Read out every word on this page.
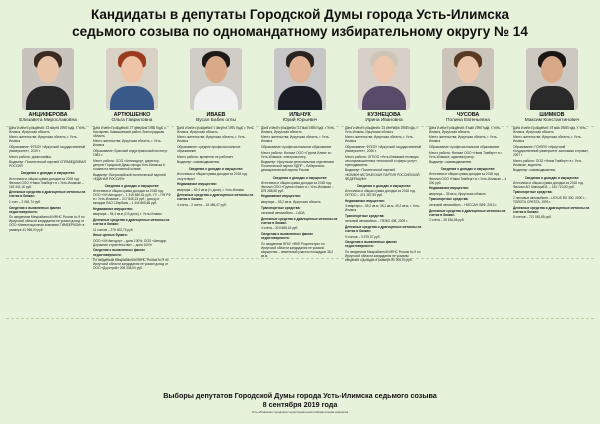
Кандидаты в депутаты Городской Думы города Усть-Илимска
седьмого созыва по одномандатному избирательному округу № 14
АНЦИФЕРОВА
Елизавета Мирославовна
Дата и место рождения: 13 марта 1995 года, г. Усть-Илимск, Иркутская область
Место жительства: Иркутская область, г. Усть-Илимск
Образование: ФГБОУ «Иркутский государственный университет», 2019 г.
Место работы: домохозяйка.
Выдвинут: Политической партией СПРАВЕДЛИВАЯ РОССИЯ
Сведения о доходах и имуществе:
Источники и общая сумма доходов за 2018 год: Филиал ООО «Ниим Тимберг» в г. Усть-Илимске – 163 341,16 руб.
Денежные средства и драгоценные металлы на счетах в банках:
1 счет – 2 081,74 руб.
Сведения о выявленных фактах недостоверности:
По сведениям Межрайонной ИФНС России № 9 по Иркутской области кандидатом не указан доход от ООО «Инвестиционная компания ТИМБЕРКОМ» в размере 41 966,00 руб.
АРТЮШЕНКО
Ольга Гавриловна
Дата и место рождения: 27 февраля 1956 года, с. Костарево, Камышинский район, Волгоградская область
Место жительства: Иркутская область, г. Усть-Илимск
Образование: Братский индустриальный институт, 1983 г.
Место работы: ООО «Антикодор», директор, депутат Городской Думы города Усть-Илимска 6 созыва на непостоянной основе.
Выдвинут: Всероссийской политической партией «ЕДИНАЯ РОССИЯ»
Сведения о доходах и имуществе:
Источники и общая сумма доходов за 2018 год: ООО «УИ Автодор» – 1 319 656,61 руб.; ГУ – ПФ РФ в г. Усть-Илимске – 217 845,23 руб.; доход от вкладов ПАО Сбербанк – 1 444 865,66 руб.
Недвижимое имущество:
квартира – 94,4 кв.м (1/3 доли), г. Усть-Илимск
Денежные средства и драгоценные металлы на счетах в банках:
11 счетов – 279 402,75 руб.
Иные ценные бумаги:
ООО «УИ Автодор» – доля 100%; ООО «Автодор Дорожное строительство» – доля 100%
Сведения о выявленных фактах недостоверности:
По сведениям Межрайонной ИФНС России № 9 по Иркутской области кандидатом не указан доход от ООО «Дорстрой» 208 338,00 руб.
ИВАЕВ
Вусал Бабек оглы
Дата и место рождения: 1 августа 1991 года, г. Усть-Илимск, Иркутская область
Место жительства: Иркутская область, г. Усть-Илимск
Образование: среднее профессиональное образование
Место работы: временно не работает.
Выдвинут: самовыдвижение.
Сведения о доходах и имуществе:
Источники и общая сумма доходов за 2018 год: отсутствуют
Недвижимое имущество:
квартира – 62,4 кв.м (¼ доли), г. Усть-Илимск
Денежные средства и драгоценные металлы на счетах в банках:
4 счета – 2 счета – 18 466,47 руб.
ИЛЬЧУК
Юрий Юрьевич
Дата и место рождения: 23 мая 1985 года, г. Усть-Илимск, Иркутская область
Место жительства: Иркутская область, г. Усть-Илимск
Образование: профессиональное образование
Место работы: Филиал ООО «Группа Илим» в г. Усть-Илимске, электромонтер.
Выдвинут: Иркутским региональным отделением Политической партии ЛДПР – Либерально-демократической партии России
Сведения о доходах и имуществе:
Источники и общая сумма доходов за 2018 год: Филиал ООО «Группа Илим» в г. Усть-Илимске – 875 288,58 руб.
Недвижимое имущество:
квартира – 53,2 кв.м, Иркутская область
Транспортные средства:
легковой автомобиль – LADA
Денежные средства и драгоценные металлы на счетах в банках:
4 счета – 324 688,15 руб.
Сведения о выявленных фактах недостоверности:
По сведениям ФГБУ «ФКП Росреестра» по Иркутской области кандидатом не указано имущество – земельный участок площадью 38,2 кв.м.
КУЗНЕЦОВА
Ирина Ивановна
Дата и место рождения: 13 сентября 1958 года, г. Усть-Илимск, Иркутская область
Место жительства: Иркутская область, г. Усть-Илимск
Образование: ФГБОУ «Иркутский государственный университет», 2006 г.
Место работы: ОГПОО «Усть-Илимский техникум лесопромышленных технологий и сферы услуг», преподаватель.
Выдвинут: Политической партией «КОММУНИСТИЧЕСКАЯ ПАРТИЯ РОССИЙСКОЙ ФЕДЕРАЦИИ»
Сведения о доходах и имуществе:
Источники и общая сумма доходов за 2018 год: ОГПОО – 474 287,55 руб.
Недвижимое имущество:
3 квартиры – 55,2 кв.м, 36,1 кв.м, 49,2 кв.м, г. Усть-Илимск
Транспортные средства:
легковой автомобиль – ПЕЖО 408, 2009 г.
Денежные средства и драгоценные металлы на счетах в банках:
9 счетов – 3 979,07 руб.
Сведения о выявленных фактах недостоверности:
По сведениям Межрайонной ИФНС России № 9 по Иркутской области кандидатом не указаны сведения о доходах в размере 80 008,00 руб.
ЧУСОВА
Полина Евгеньевна
Дата и место рождения: 5 мая 1996 года, г. Усть-Илимск, Иркутская область
Место жительства: Иркутская область, г. Усть-Илимск
Образование: профессиональное образование
Место работы: Филиал ООО «Ниим Тимберг» в г. Усть-Илимске, администратор.
Выдвинут: самовыдвижение.
Сведения о доходах и имуществе:
Источники и общая сумма доходов за 2018 год: Филиал ООО «Ниим Тимберг» в г. Усть-Илимске – 4 000 руб.
Недвижимое имущество:
квартира – 35 кв.м, Иркутская область
Транспортные средства:
легковой автомобиль – НИССАН ЛИФ, 2013 г.
Денежные средства и драгоценные металлы на счетах в банках:
2 счета – 39 156,86 руб.
ШИМКОВ
Максим Константинович
Дата и место рождения: 19 мая 1985 года, г. Усть-Илимск, Иркутская область
Место жительства: Иркутская область, г. Усть-Илимск
Образование: ГОУВПО «Иркутский государственный университет экономики и права», 2007 г.
Место работы: ООО «Ниим Тимберг» в г. Усть-Илимске, водитель.
Выдвинут: самовыдвижение.
Сведения о доходах и имуществе:
Источники и общая сумма доходов за 2018 год: Филиал АО Шипиций В. – 181 710,82 руб.
Транспортные средства:
2 легковых автомобиля – LEXUS RX 300, 2000 г.; ТОЙОТА CRESTA, 1993 г.
Денежные средства и драгоценные металлы на счетах в банках:
8 счетов – 711 081,85 руб.
Выборы депутатов Городской Думы города Усть-Илимска седьмого созыва
8 сентября 2019 года
Усть-Илимская городская территориальная избирательная комиссия
